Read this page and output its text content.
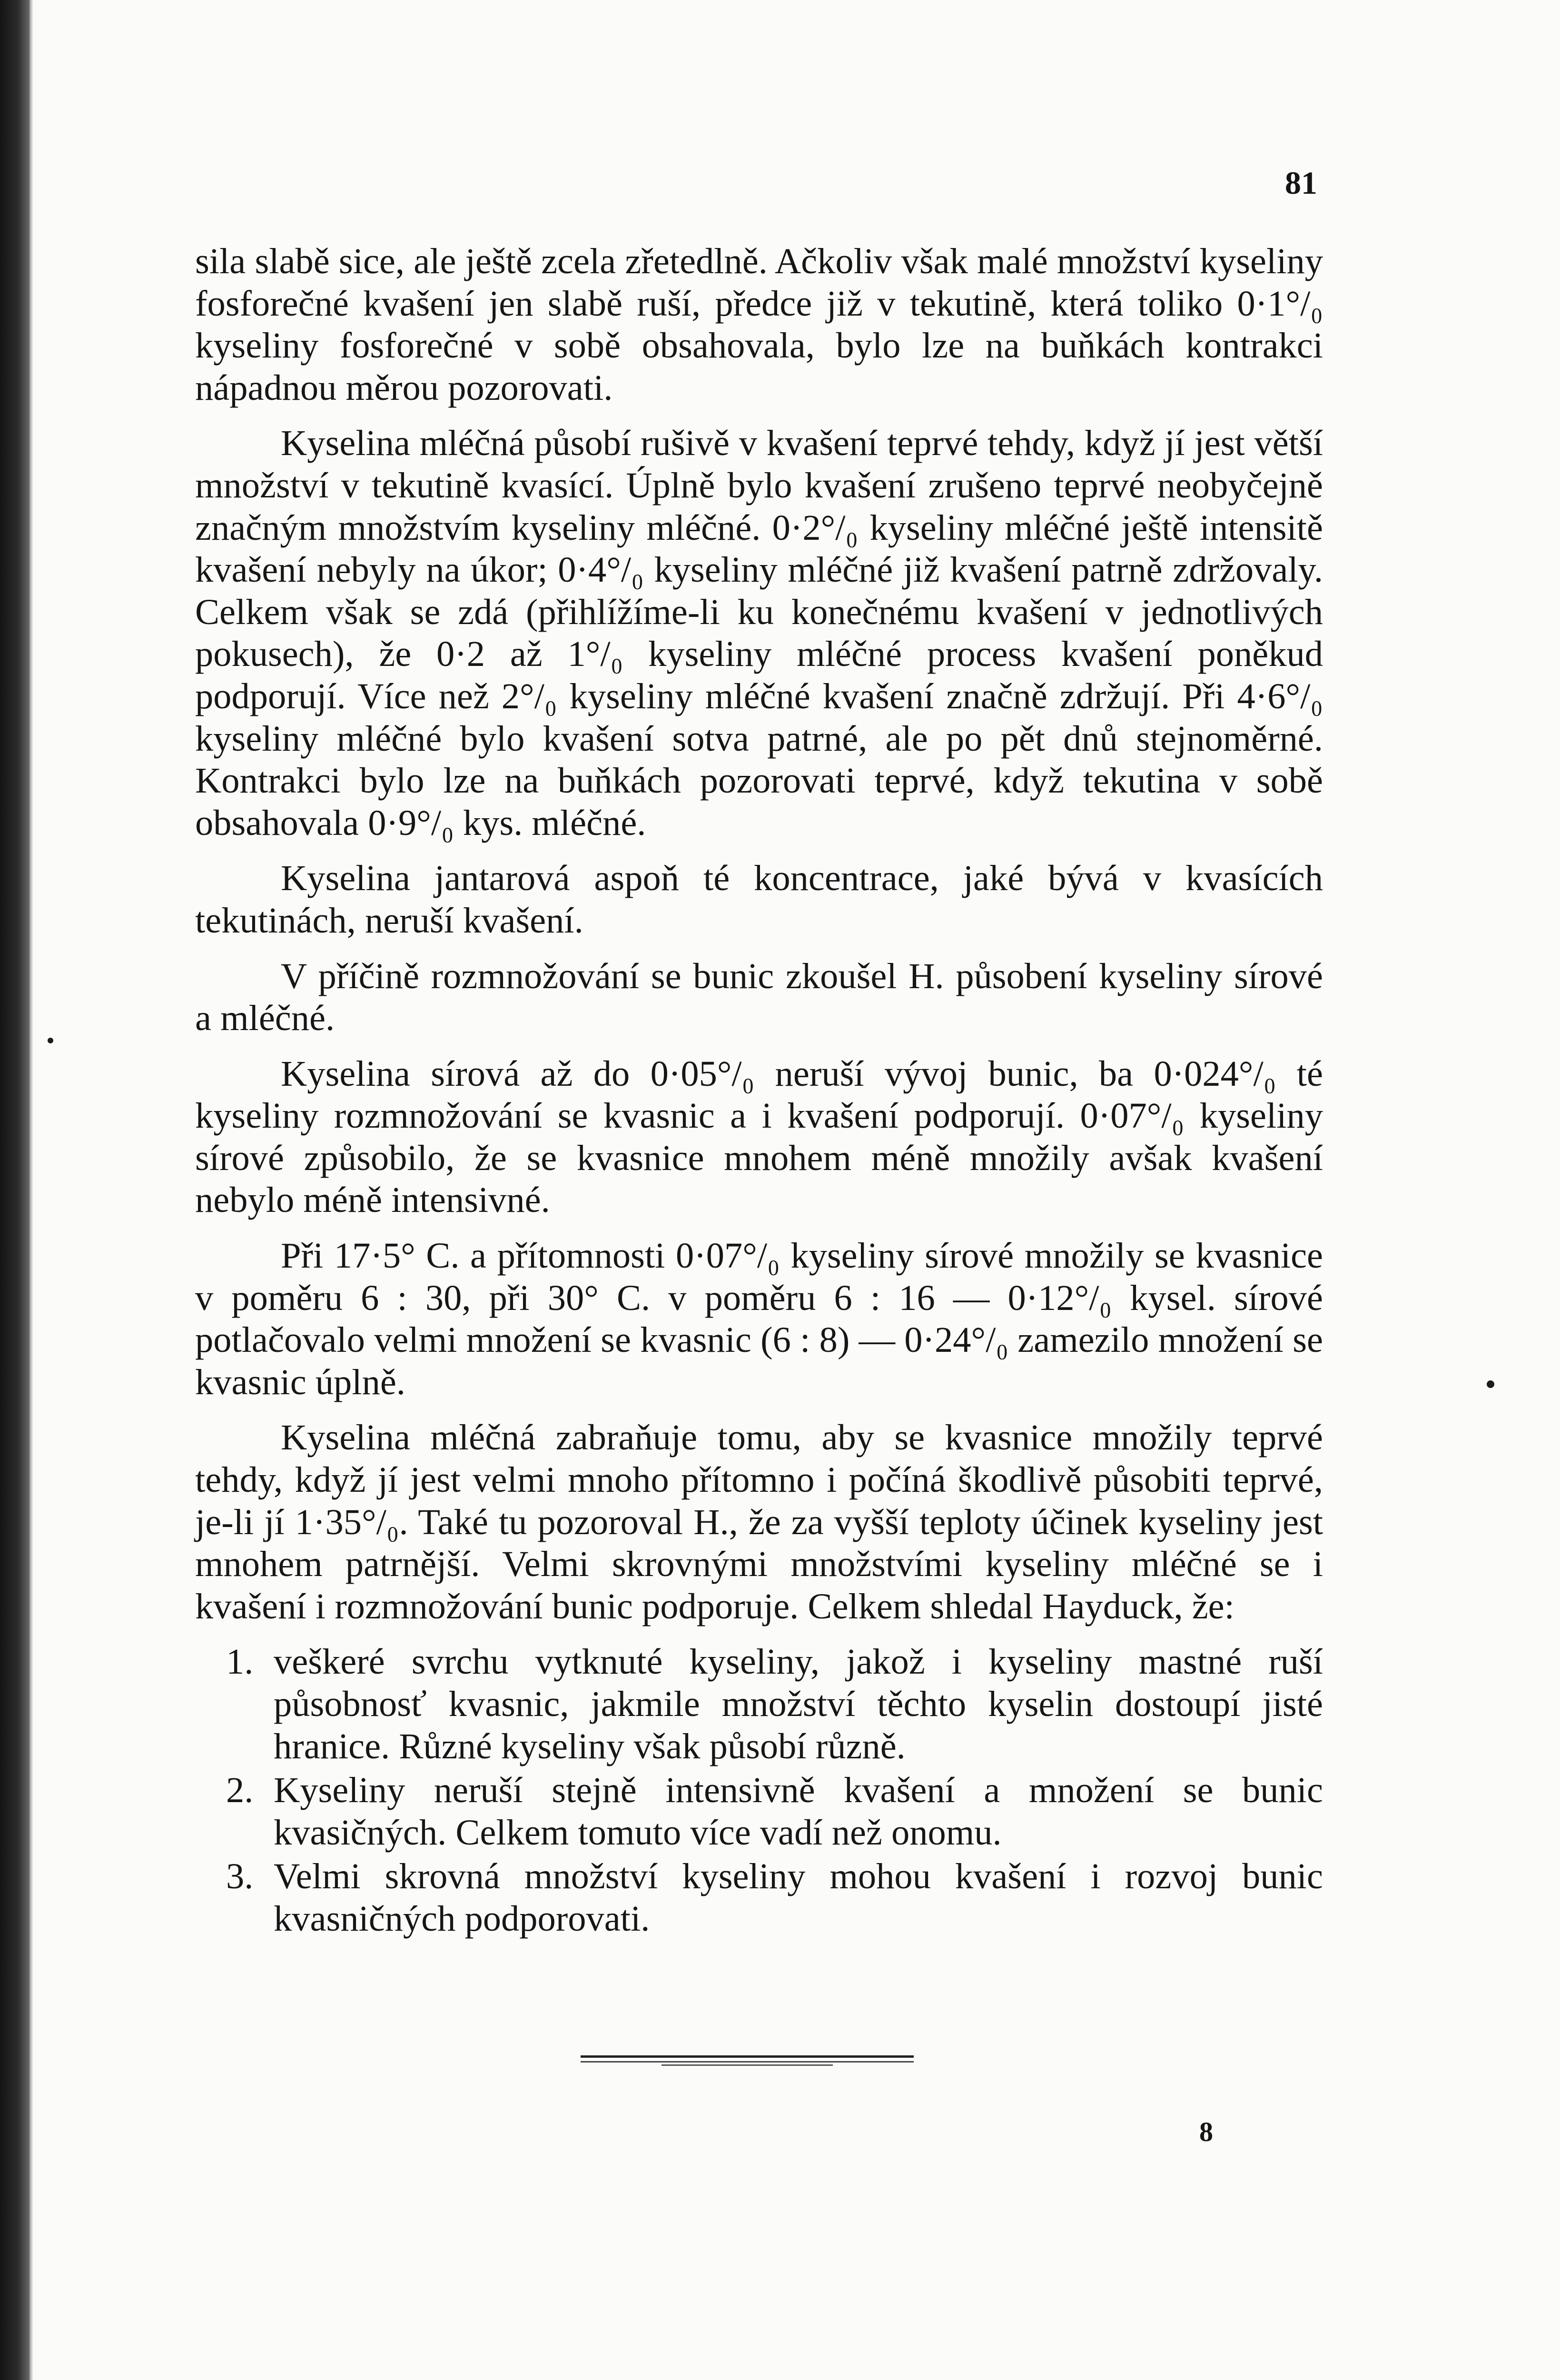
81

sila slabě sice, ale ještě zcela zřetedlně. Ačkoliv však malé množství kyseliny fosforečné kvašení jen slabě ruší, předce již v tekutině, která toliko 0·1°/₀ kyseliny fosforečné v sobě obsahovala, bylo lze na buňkách kontrakci nápadnou měrou pozorovati.

Kyselina mléčná působí rušivě v kvašení teprvé tehdy, když jí jest větší množství v tekutině kvasící. Úplně bylo kvašení zrušeno teprvé neobyčejně značným množstvím kyseliny mléčné. 0·2°/₀ kyseliny mléčné ještě intensitě kvašení nebyly na úkor; 0·4°/₀ kyseliny mléčné již kvašení patrně zdržovaly. Celkem však se zdá (přihlížíme-li ku konečnému kvašení v jednotlivých pokusech), že 0·2 až 1°/₀ kyseliny mléčné process kvašení poněkud podporují. Více než 2°/₀ kyseliny mléčné kvašení značně zdržují. Při 4·6°/₀ kyseliny mléčné bylo kvašení sotva patrné, ale po pět dnů stejnoměrné. Kontrakci bylo lze na buňkách pozorovati teprvé, když tekutina v sobě obsahovala 0·9°/₀ kys. mléčné.

Kyselina jantarová aspoň té koncentrace, jaké bývá v kvasících tekutinách, neruší kvašení.

V příčině rozmnožování se bunic zkoušel H. působení kyseliny sírové a mléčné.

Kyselina sírová až do 0·05°/₀ neruší vývoj bunic, ba 0·024°/₀ té kyseliny rozmnožování se kvasnic a i kvašení podporují. 0·07°/₀ kyseliny sírové způsobilo, že se kvasnice mnohem méně množily avšak kvašení nebylo méně intensivné.

Při 17·5° C. a přítomnosti 0·07°/₀ kyseliny sírové množily se kvasnice v poměru 6 : 30, při 30° C. v poměru 6 : 16 — 0·12°/₀ kysel. sírové potlačovalo velmi množení se kvasnic (6 : 8) — 0·24°/₀ zamezilo množení se kvasnic úplně.

Kyselina mléčná zabraňuje tomu, aby se kvasnice množily teprvé tehdy, když jí jest velmi mnoho přítomno i počíná škodlivě působiti teprvé, je-li jí 1·35°/₀. Také tu pozoroval H., že za vyšší teploty účinek kyseliny jest mnohem patrnější. Velmi skrovnými množstvími kyseliny mléčné se i kvašení i rozmnožování bunic podporuje. Celkem shledal Hayduck, že:

1. veškeré svrchu vytknuté kyseliny, jakož i kyseliny mastné ruší působnosť kvasnic, jakmile množství těchto kyselin dostoupí jisté hranice. Různé kyseliny však působí různě.
2. Kyseliny neruší stejně intensivně kvašení a množení se bunic kvasičných. Celkem tomuto více vadí než onomu.
3. Velmi skrovná množství kyseliny mohou kvašení i rozvoj bunic kvasničných podporovati.
8
